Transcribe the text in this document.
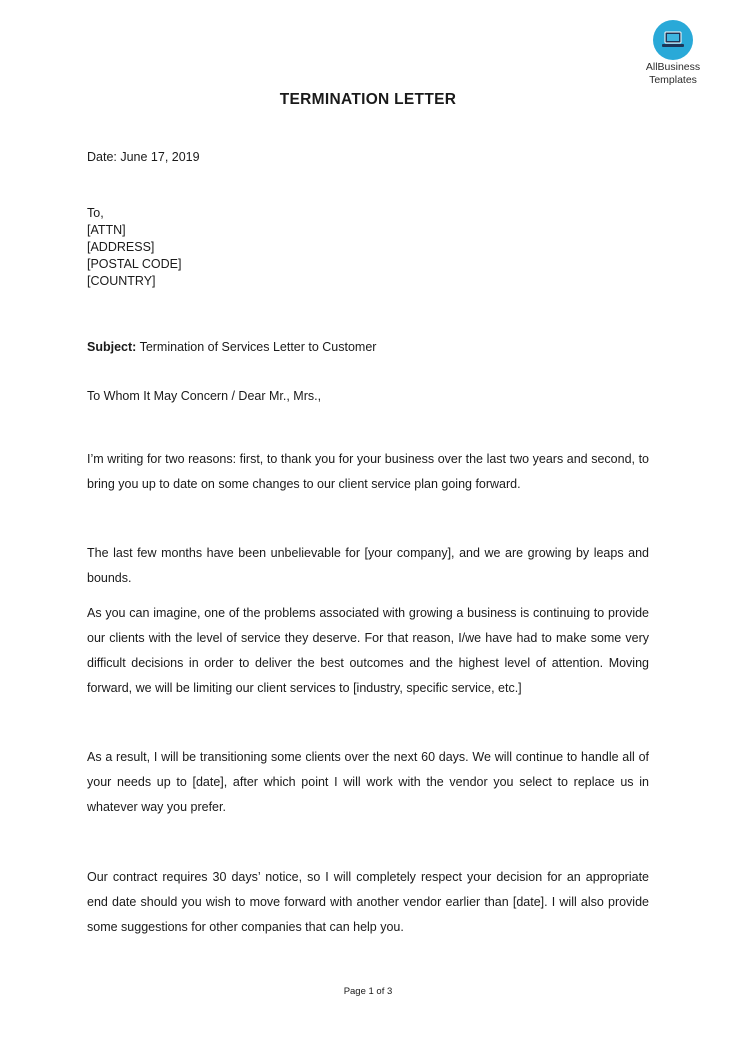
AllBusiness
Templates
TERMINATION LETTER
Date: June 17, 2019
To,
[ATTN]
[ADDRESS]
[POSTAL CODE]
[COUNTRY]
Subject: Termination of Services Letter to Customer
To Whom It May Concern / Dear Mr., Mrs.,
I’m writing for two reasons: first, to thank you for your business over the last two years and second, to bring you up to date on some changes to our client service plan going forward.
The last few months have been unbelievable for [your company], and we are growing by leaps and bounds.
As you can imagine, one of the problems associated with growing a business is continuing to provide our clients with the level of service they deserve. For that reason, I/we have had to make some very difficult decisions in order to deliver the best outcomes and the highest level of attention. Moving forward, we will be limiting our client services to [industry, specific service, etc.]
As a result, I will be transitioning some clients over the next 60 days. We will continue to handle all of your needs up to [date], after which point I will work with the vendor you select to replace us in whatever way you prefer.
Our contract requires 30 days’ notice, so I will completely respect your decision for an appropriate end date should you wish to move forward with another vendor earlier than [date]. I will also provide some suggestions for other companies that can help you.
Page 1 of 3
